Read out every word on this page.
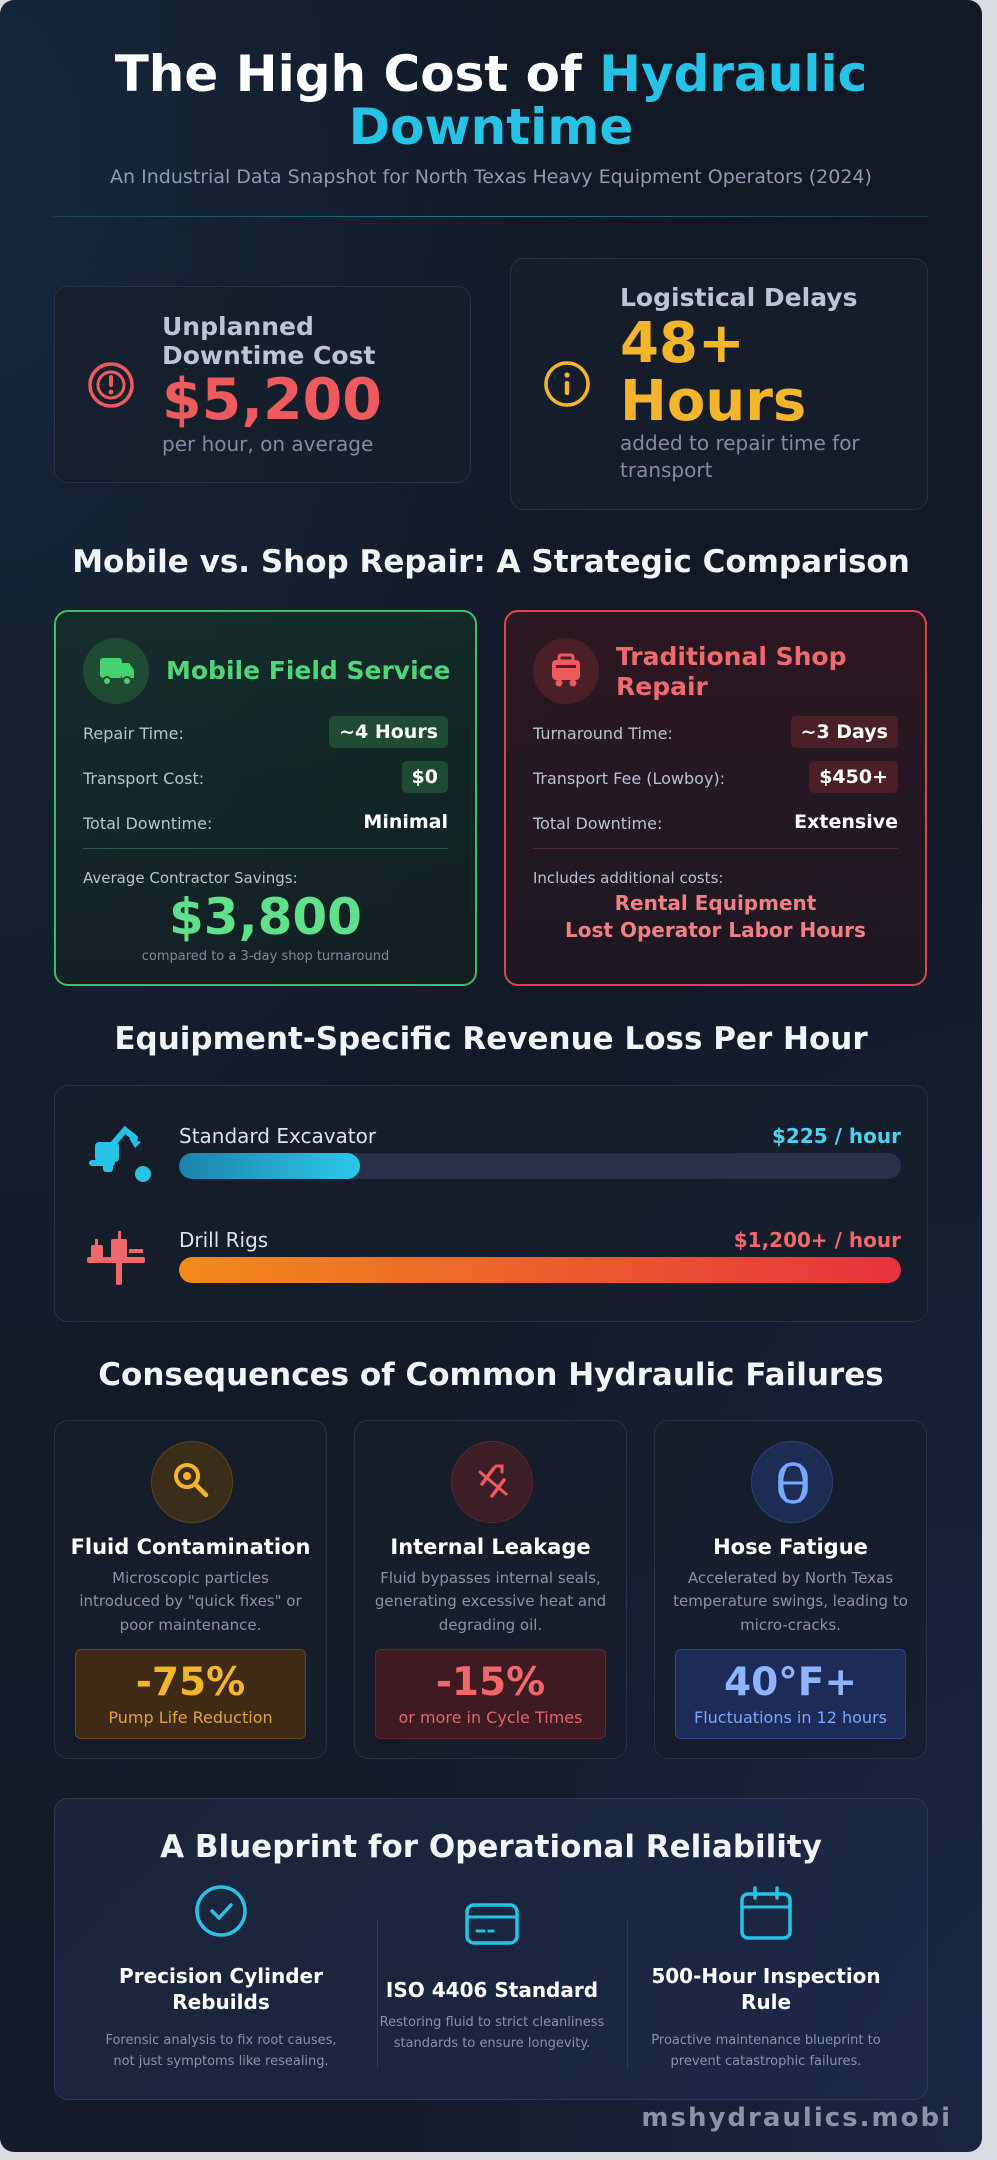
The High Cost of Hydraulic Downtime
An Industrial Data Snapshot for North Texas Heavy Equipment Operators (2024)
Unplanned Downtime Cost
$5,200
per hour, on average
Logistical Delays
48+ Hours
added to repair time for transport
Mobile vs. Shop Repair: A Strategic Comparison
Mobile Field Service
Repair Time:	~4 Hours
Transport Cost:	$0
Total Downtime:	Minimal
Average Contractor Savings:
$3,800
compared to a 3-day shop turnaround
Traditional Shop Repair
Turnaround Time:	~3 Days
Transport Fee (Lowboy):	$450+
Total Downtime:	Extensive
Includes additional costs:
Rental Equipment
Lost Operator Labor Hours
Equipment-Specific Revenue Loss Per Hour
Standard Excavator	$225 / hour
Drill Rigs	$1,200+ / hour
Consequences of Common Hydraulic Failures
Fluid Contamination
Microscopic particles introduced by "quick fixes" or poor maintenance.
-75%
Pump Life Reduction
Internal Leakage
Fluid bypasses internal seals, generating excessive heat and degrading oil.
-15%
or more in Cycle Times
Hose Fatigue
Accelerated by North Texas temperature swings, leading to micro-cracks.
40°F+
Fluctuations in 12 hours
A Blueprint for Operational Reliability
Precision Cylinder Rebuilds
Forensic analysis to fix root causes, not just symptoms like resealing.
ISO 4406 Standard
Restoring fluid to strict cleanliness standards to ensure longevity.
500-Hour Inspection Rule
Proactive maintenance blueprint to prevent catastrophic failures.
mshydraulics.mobi
